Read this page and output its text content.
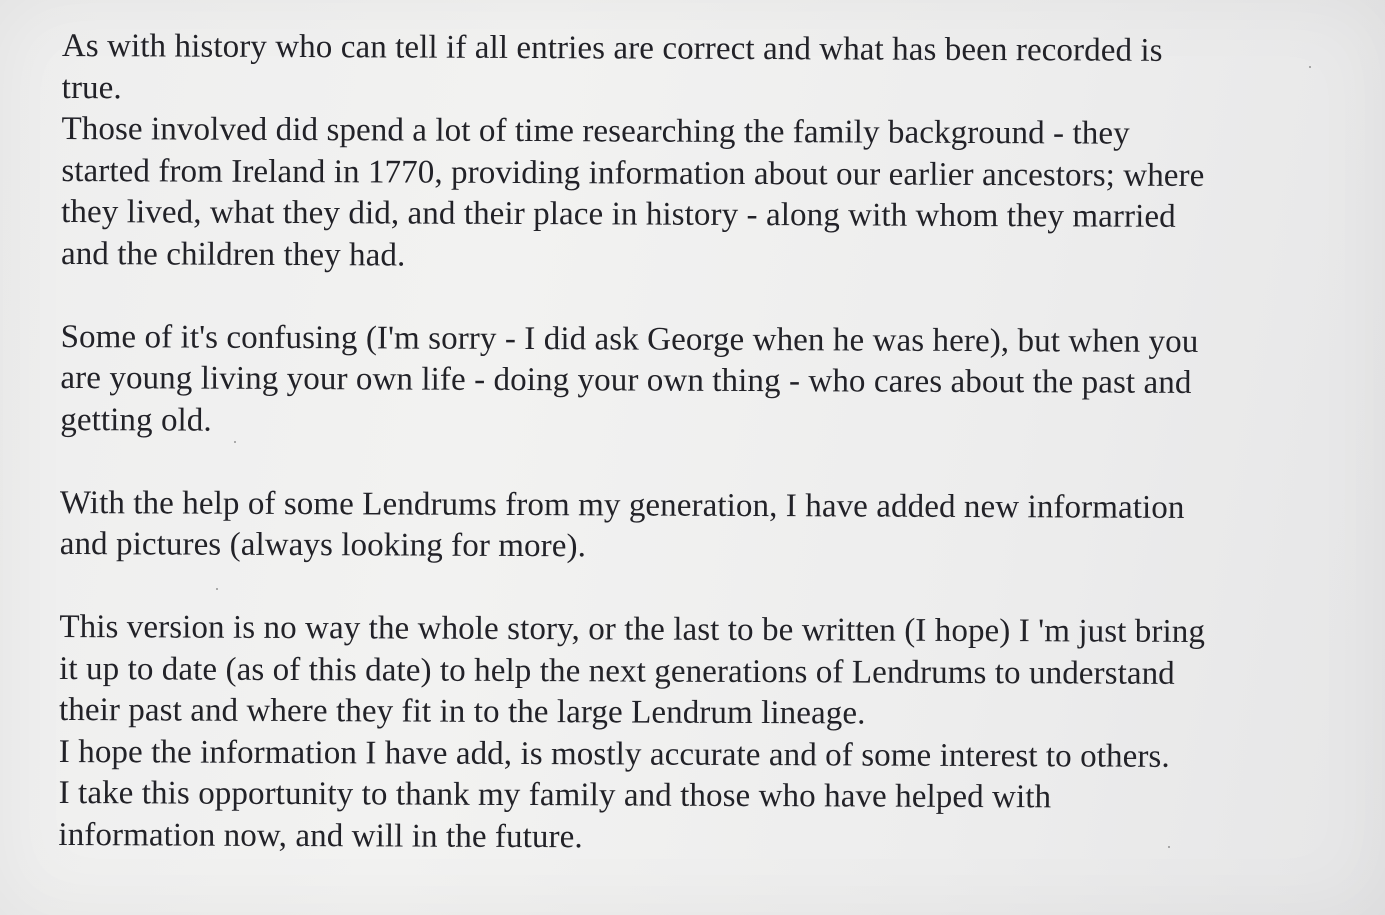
As with history who can tell if all entries are correct and what has been recorded is
true.
Those involved did spend a lot of time researching the family background - they
started from Ireland in 1770, providing information about our earlier ancestors; where
they lived, what they did, and their place in history - along with whom they married
and the children they had.
Some of it's confusing (I'm sorry - I did ask George when he was here), but when you
are young living your own life - doing your own thing - who cares about the past and
getting old.
With the help of some Lendrums from my generation, I have added new information
and pictures (always looking for more).
This version is no way the whole story, or the last to be written (I hope) I 'm just bring
it up to date (as of this date) to help the next generations of Lendrums to understand
their past and where they fit in to the large Lendrum lineage.
I hope the information I have add, is mostly accurate and of some interest to others.
I take this opportunity to thank my family and those who have helped with
information now, and will in the future.
